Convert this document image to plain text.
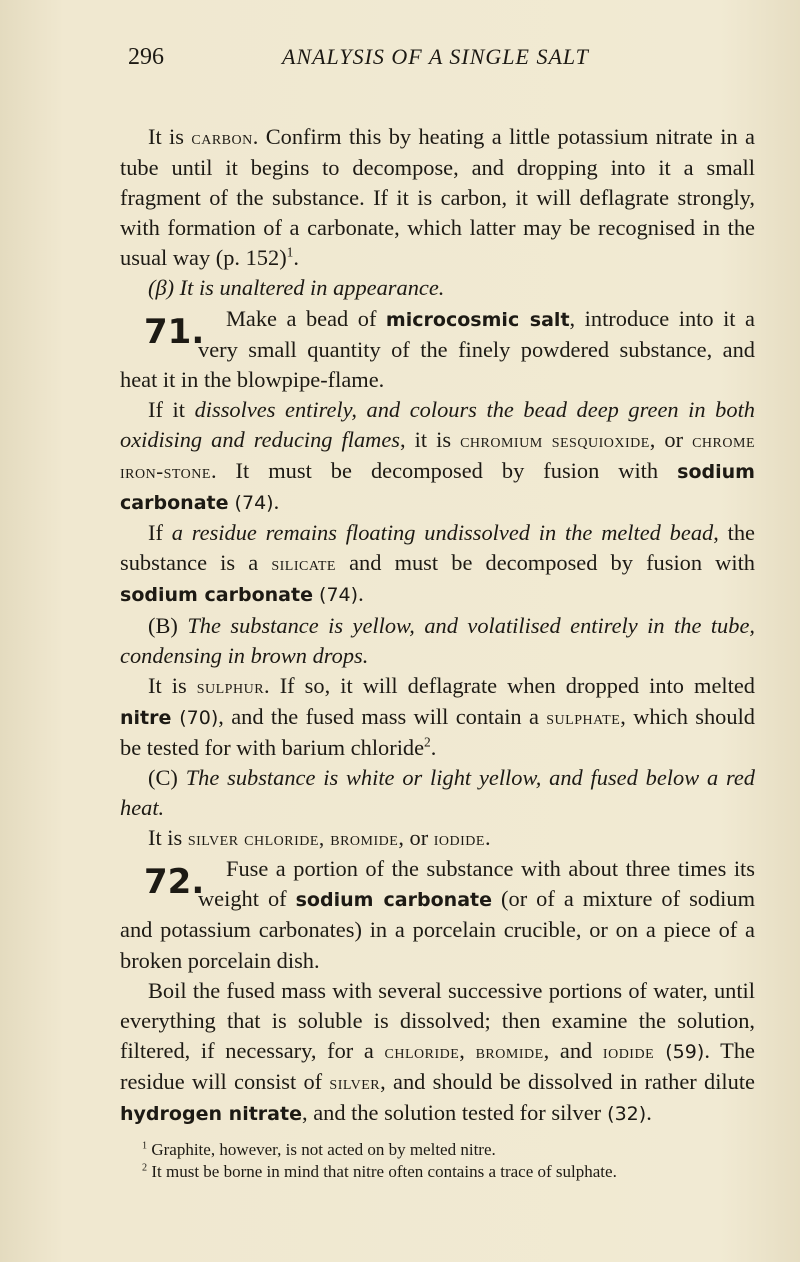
296	ANALYSIS OF A SINGLE SALT

It is carbon. Confirm this by heating a little potassium nitrate in a tube until it begins to decompose, and dropping into it a small fragment of the substance. If it is carbon, it will deflagrate strongly, with formation of a carbonate, which latter may be recognised in the usual way (p. 152)$^1$.

(β) It is unaltered in appearance.

71. Make a bead of microcosmic salt, introduce into it a very small quantity of the finely powdered substance, and heat it in the blowpipe-flame.

If it dissolves entirely, and colours the bead deep green in both oxidising and reducing flames, it is chromium sesquioxide, or chrome iron-stone. It must be decomposed by fusion with sodium carbonate (74).

If a residue remains floating undissolved in the melted bead, the substance is a silicate and must be decomposed by fusion with sodium carbonate (74).

(B) The substance is yellow, and volatilised entirely in the tube, condensing in brown drops.

It is sulphur. If so, it will deflagrate when dropped into melted nitre (70), and the fused mass will contain a sulphate, which should be tested for with barium chloride$^2$.

(C) The substance is white or light yellow, and fused below a red heat.

It is silver chloride, bromide, or iodide.

72. Fuse a portion of the substance with about three times its weight of sodium carbonate (or of a mixture of sodium and potassium carbonates) in a porcelain crucible, or on a piece of a broken porcelain dish.

Boil the fused mass with several successive portions of water, until everything that is soluble is dissolved; then examine the solution, filtered, if necessary, for a chloride, bromide, and iodide (59). The residue will consist of silver, and should be dissolved in rather dilute hydrogen nitrate, and the solution tested for silver (32).

$^1$ Graphite, however, is not acted on by melted nitre.

$^2$ It must be borne in mind that nitre often contains a trace of sulphate.
